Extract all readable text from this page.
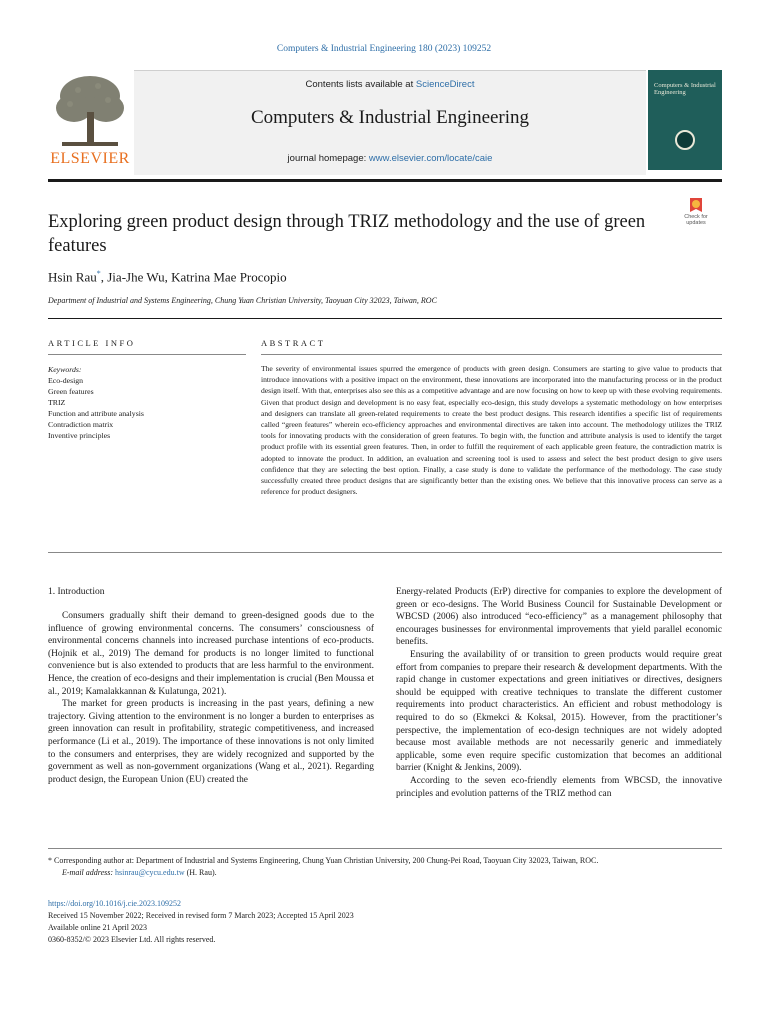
Computers & Industrial Engineering 180 (2023) 109252
ELSEVIER
Contents lists available at ScienceDirect
Computers & Industrial Engineering
journal homepage: www.elsevier.com/locate/caie
Computers & Industrial Engineering
Exploring green product design through TRIZ methodology and the use of green features
Check for updates
Hsin Rau*, Jia-Jhe Wu, Katrina Mae Procopio
Department of Industrial and Systems Engineering, Chung Yuan Christian University, Taoyuan City 32023, Taiwan, ROC
ARTICLE INFO	ABSTRACT
Keywords:
Eco-design
Green features
TRIZ
Function and attribute analysis
Contradiction matrix
Inventive principles
The severity of environmental issues spurred the emergence of products with green design. Consumers are starting to give value to products that introduce innovations with a positive impact on the environment, these innovations are incorporated into the manufacturing process or in the product design itself. With that, enterprises also see this as a competitive advantage and are now focusing on how to keep up with these evolving requirements. Given that product design and development is no easy feat, especially eco-design, this study develops a systematic methodology on how enterprises and designers can translate all green-related requirements to create the best product designs. This research identifies a specific list of requirements called “green features” wherein eco-efficiency approaches and environmental directives are taken into account. The methodology utilizes the TRIZ tools for innovating products with the consideration of green features. To begin with, the function and attribute analysis is used to identify the target product profile with its essential green features. Then, in order to fulfill the requirement of each applicable green feature, the contradiction matrix is adopted to innovate the product. In addition, an evaluation and screening tool is used to assess and select the best product design to give users confidence that they are selecting the best option. Finally, a case study is done to validate the performance of the methodology. The case study successfully created three product designs that are significantly better than the existing ones. We believe that this innovative process can serve as a reference for product designers.
1. Introduction

Consumers gradually shift their demand to green-designed goods due to the influence of growing environmental concerns. The consumers’ consciousness of environmental concerns channels into increased purchase intentions of eco-products. (Hojnik et al., 2019) The demand for products is no longer limited to functional convenience but is also extended to products that are less harmful to the environment. Hence, the creation of eco-designs and their implementation is crucial (Ben Moussa et al., 2019; Kamalakkannan & Kulatunga, 2021).

The market for green products is increasing in the past years, defining a new trajectory. Giving attention to the environment is no longer a burden to enterprises as green innovation can result in profitability, strategic competitiveness, and increased performance (Li et al., 2019). The importance of these innovations is not only limited to the consumers and enterprises, they are widely recognized and supported by the government as well as non-government organizations (Wang et al., 2021). Regarding product design, the European Union (EU) created the

Energy-related Products (ErP) directive for companies to explore the development of green or eco-designs. The World Business Council for Sustainable Development or WBCSD (2006) also introduced “eco-efficiency” as a management philosophy that encourages businesses for environmental improvements that yield parallel economic benefits.

Ensuring the availability of or transition to green products would require great effort from companies to prepare their research & development departments. With the rapid change in customer expectations and green initiatives or directives, designers should be equipped with creative techniques to translate the different customer requirements into product characteristics. An efficient and robust methodology is required to do so (Ekmekci & Koksal, 2015). However, from the practitioner’s perspective, the implementation of eco-design techniques are not widely adopted because most available methods are not necessarily generic and immediately applicable, some even require specific customization that becomes an additional barrier (Knight & Jenkins, 2009).

According to the seven eco-friendly elements from WBCSD, the innovative principles and evolution patterns of the TRIZ method can

* Corresponding author at: Department of Industrial and Systems Engineering, Chung Yuan Christian University, 200 Chung-Pei Road, Taoyuan City 32023, Taiwan, ROC.
E-mail address: hsinrau@cycu.edu.tw (H. Rau).
https://doi.org/10.1016/j.cie.2023.109252
Received 15 November 2022; Received in revised form 7 March 2023; Accepted 15 April 2023
Available online 21 April 2023
0360-8352/© 2023 Elsevier Ltd. All rights reserved.
